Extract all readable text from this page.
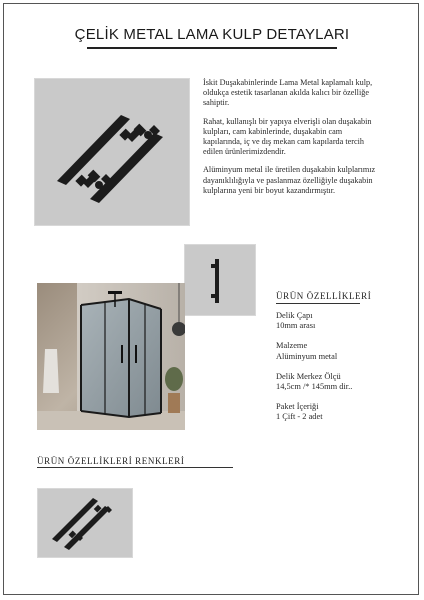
ÇELİK METAL LAMA KULP DETAYLARI

İskit Duşakabinlerinde Lama Metal kaplamalı kulp, oldukça estetik tasarlanan akılda kalıcı bir özelliğe sahiptir.

Rahat, kullanışlı bir yapıya elverişli olan duşakabin kulpları, cam kabinlerinde, duşakabin cam kapılarında, iç ve dış mekan cam kapılarda tercih edilen ürünlerimizdendir.

Alüminyum metal ile üretilen duşakabin kulplarımız dayanıklılığıyla ve paslanmaz özelliğiyle duşakabin kulplarına yeni bir boyut kazandırmıştır.

ÜRÜN ÖZELLİKLERİ
Delik Çapı
10mm arası
Malzeme
Alüminyum metal
Delik Merkez Ölçü
14,5cm /* 145mm dir..
Paket İçeriği
1 Çift - 2 adet
ÜRÜN ÖZELLİKLERİ RENKLERİ
